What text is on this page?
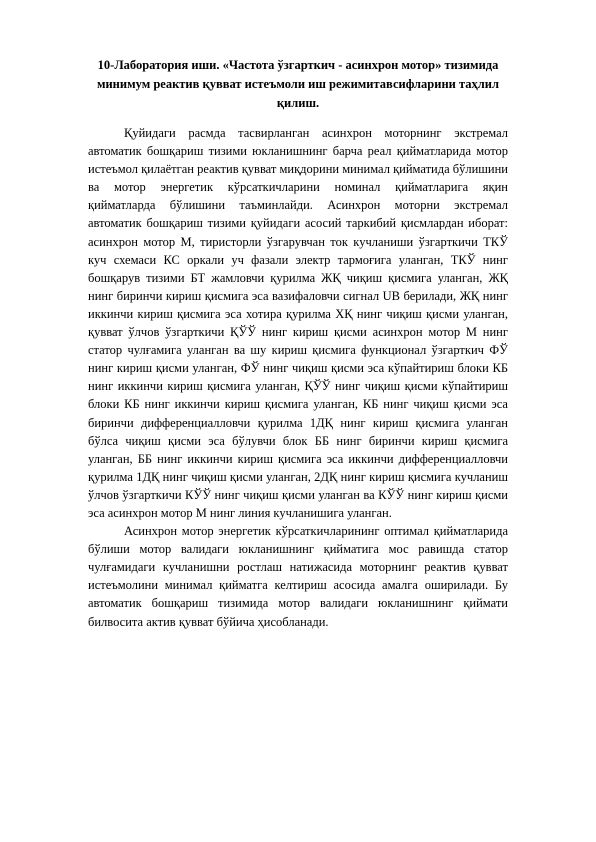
10-Лаборатория иши. «Частота ўзгарткич - асинхрон мотор» тизимида минимум реактив қувват истеъмоли иш режимитавсифларини таҳлил қилиш.

Қуйидаги расмда тасвирланган асинхрон моторнинг экстремал автоматик бошқариш тизими юкланишнинг барча реал қийматларида мотор истеъмол қилаётган реактив қувват миқдорини минимал қийматида бўлишини ва мотор энергетик кўрсаткичларини номинал қийматларига яқин қийматларда бўлишини таъминлайди. Асинхрон моторни экстремал автоматик бошқариш тизими қуйидаги асосий таркибий қисмлардан иборат: асинхрон мотор М, тиристорли ўзгарувчан ток кучланиши ўзгарткичи ТКЎ куч схемаси КС оркали уч фазали электр тармоғига уланган, ТКЎ нинг бошқарув тизими БТ жамловчи қурилма ЖҚ чиқиш қисмига уланган, ЖҚ нинг биринчи кириш қисмига эса вазифаловчи сигнал UВ берилади, ЖҚ нинг иккинчи кириш қисмига эса хотира қурилма ХҚ нинг чиқиш қисми уланган, қувват ўлчов ўзгарткичи ҚЎЎ нинг кириш қисми асинхрон мотор М нинг статор чулғамига уланган ва шу кириш қисмига функционал ўзгарткич ФЎ нинг кириш қисми уланган, ФЎ нинг чиқиш қисми эса кўпайтириш блоки КБ нинг иккинчи кириш қисмига уланган, ҚЎЎ нинг чиқиш қисми кўпайтириш блоки КБ нинг иккинчи кириш қисмига уланган, КБ нинг чиқиш қисми эса биринчи дифференциалловчи қурилма 1ДҚ нинг кириш қисмига уланган бўлса чиқиш қисми эса бўлувчи блок ББ нинг биринчи кириш қисмига уланган, ББ нинг иккинчи кириш қисмига эса иккинчи дифференциалловчи қурилма 1ДҚ нинг чиқиш қисми уланган, 2ДҚ нинг кириш қисмига кучланиш ўлчов ўзгарткичи КЎЎ нинг чиқиш қисми уланган ва КЎЎ нинг кириш қисми эса асинхрон мотор М нинг линия кучланишига уланган.

Асинхрон мотор энергетик кўрсаткичларининг оптимал қийматларида бўлиши мотор валидаги юкланишнинг қийматига мос равишда статор чулғамидаги кучланишни ростлаш натижасида моторнинг реактив қувват истеъмолини минимал қийматга келтириш асосида амалга оширилади. Бу автоматик бошқариш тизимида мотор валидаги юкланишнинг қиймати билвосита актив қувват бўйича ҳисобланади.
